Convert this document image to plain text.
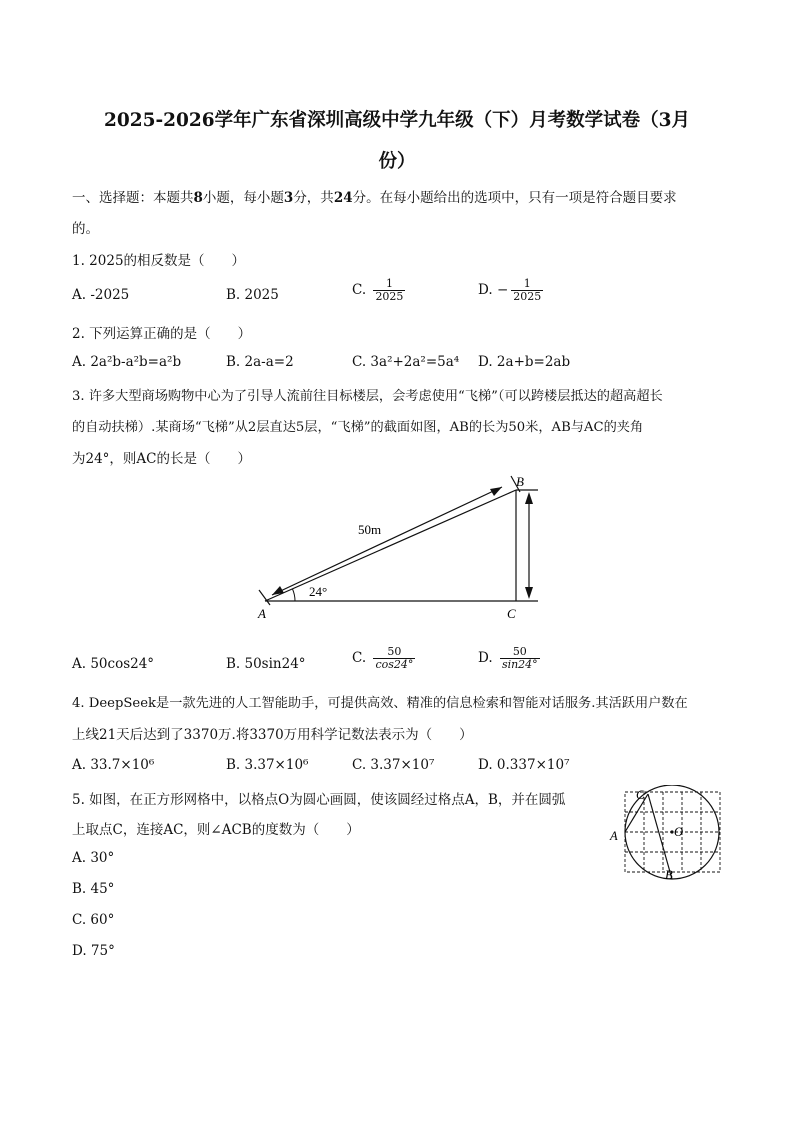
2025-2026学年广东省深圳高级中学九年级（下）月考数学试卷（3月
份）
一、选择题：本题共8小题，每小题3分，共24分。在每小题给出的选项中，只有一项是符合题目要求
的。
1. 2025的相反数是（　　）
A. -2025	B. 2025	C. $\frac{1}{2025}$	D. − $\frac{1}{2025}$
2. 下列运算正确的是（　　）
A. 2a²b-a²b=a²b	B. 2a-a=2	C. 3a²+2a²=5a⁴ D. 2a+b=2ab
3. 许多大型商场购物中心为了引导人流前往目标楼层，会考虑使用“飞梯”（可以跨楼层抵达的超高超长
的自动扶梯）.某商场“飞梯”从2层直达5层，“飞梯”的截面如图，AB的长为50米，AB与AC的夹角
为24°，则AC的长是（　　）
24°
50m
A
B
C
A. 50cos24°	B. 50sin24°	C. $\frac{50}{\cos 24^\circ}$	D. $\frac{50}{\sin 24^\circ}$
4. DeepSeek是一款先进的人工智能助手，可提供高效、精准的信息检索和智能对话服务.其活跃用户数在
上线21天后达到了3370万.将3370万用科学记数法表示为（　　）
A. 33.7×10⁶	B. 3.37×10⁶	C. 3.37×10⁷	D. 0.337×10⁷
5. 如图，在正方形网格中，以格点O为圆心画圆，使该圆经过格点A，B，并在圆弧
上取点C，连接AC，则∠ACB的度数为（　　）
A. 30°
B. 45°
C. 60°
D. 75°
A
C
O
B
